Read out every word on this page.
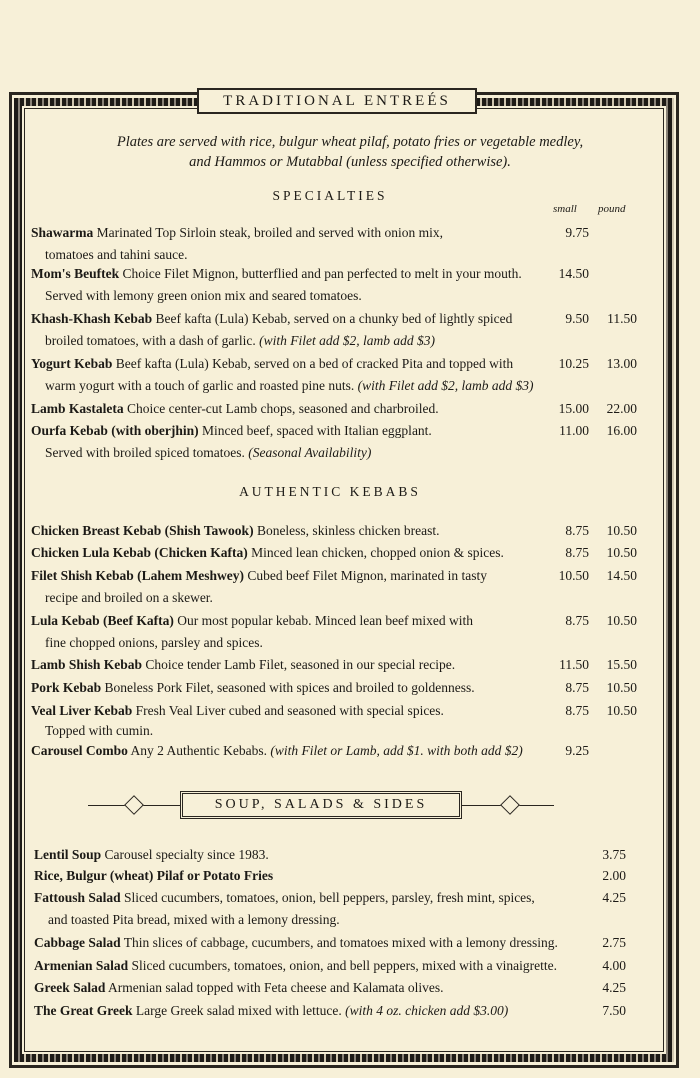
TRADITIONAL ENTREÉS
Plates are served with rice, bulgur wheat pilaf, potato fries or vegetable medley,
and Hammos or Mutabbal (unless specified otherwise).
SPECIALTIES
small pound
Shawarma Marinated Top Sirloin steak, broiled and served with onion mix,	9.75
tomatoes and tahini sauce.
Mom's Beuftek Choice Filet Mignon, butterflied and pan perfected to melt in your mouth.	14.50
Served with lemony green onion mix and seared tomatoes.
Khash-Khash Kebab Beef kafta (Lula) Kebab, served on a chunky bed of lightly spiced	9.50	11.50
broiled tomatoes, with a dash of garlic. (with Filet add $2, lamb add $3)
Yogurt Kebab Beef kafta (Lula) Kebab, served on a bed of cracked Pita and topped with	10.25	13.00
warm yogurt with a touch of garlic and roasted pine nuts. (with Filet add $2, lamb add $3)
Lamb Kastaleta Choice center-cut Lamb chops, seasoned and charbroiled.	15.00	22.00
Ourfa Kebab (with oberjhin) Minced beef, spaced with Italian eggplant.	11.00	16.00
Served with broiled spiced tomatoes. (Seasonal Availability)
AUTHENTIC KEBABS
Chicken Breast Kebab (Shish Tawook) Boneless, skinless chicken breast.	8.75	10.50
Chicken Lula Kebab (Chicken Kafta) Minced lean chicken, chopped onion & spices.	8.75	10.50
Filet Shish Kebab (Lahem Meshwey) Cubed beef Filet Mignon, marinated in tasty	10.50	14.50
recipe and broiled on a skewer.
Lula Kebab (Beef Kafta) Our most popular kebab. Minced lean beef mixed with	8.75	10.50
fine chopped onions, parsley and spices.
Lamb Shish Kebab Choice tender Lamb Filet, seasoned in our special recipe.	11.50	15.50
Pork Kebab Boneless Pork Filet, seasoned with spices and broiled to goldenness.	8.75	10.50
Veal Liver Kebab Fresh Veal Liver cubed and seasoned with special spices.	8.75	10.50
Topped with cumin.
Carousel Combo Any 2 Authentic Kebabs. (with Filet or Lamb, add $1. with both add $2)	9.25
SOUP, SALADS & SIDES
Lentil Soup Carousel specialty since 1983.	3.75
Rice, Bulgur (wheat) Pilaf or Potato Fries	2.00
Fattoush Salad Sliced cucumbers, tomatoes, onion, bell peppers, parsley, fresh mint, spices,	4.25
and toasted Pita bread, mixed with a lemony dressing.
Cabbage Salad Thin slices of cabbage, cucumbers, and tomatoes mixed with a lemony dressing.	2.75
Armenian Salad Sliced cucumbers, tomatoes, onion, and bell peppers, mixed with a vinaigrette.	4.00
Greek Salad Armenian salad topped with Feta cheese and Kalamata olives.	4.25
The Great Greek Large Greek salad mixed with lettuce. (with 4 oz. chicken add $3.00)	7.50
